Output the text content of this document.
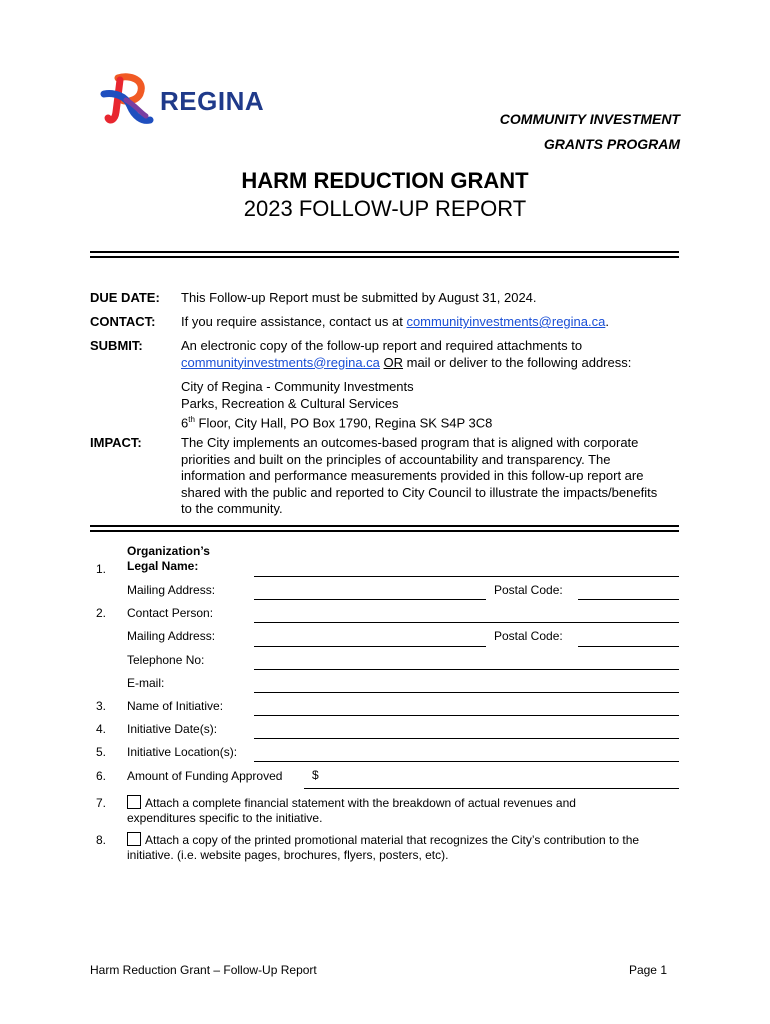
REGINA
COMMUNITY INVESTMENT
GRANTS PROGRAM
HARM REDUCTION GRANT
2023 FOLLOW-UP REPORT
DUE DATE: This Follow-up Report must be submitted by August 31, 2024.
CONTACT: If you require assistance, contact us at communityinvestments@regina.ca.
SUBMIT:	An electronic copy of the follow-up report and required attachments to
communityinvestments@regina.ca OR mail or deliver to the following address:
City of Regina - Community Investments
Parks, Recreation & Cultural Services
6th Floor, City Hall, PO Box 1790, Regina SK S4P 3C8
IMPACT:	The City implements an outcomes-based program that is aligned with corporate
priorities and built on the principles of accountability and transparency. The
information and performance measurements provided in this follow-up report are
shared with the public and reported to City Council to illustrate the impacts/benefits
to the community.
1.
Organization’s
Legal Name:
Mailing Address:	Postal Code:
2. Contact Person:
Mailing Address:	Postal Code:
Telephone No:
E-mail:
3. Name of Initiative:
4. Initiative Date(s):
5. Initiative Location(s):
6. Amount of Funding Approved $
7.	Attach a complete financial statement with the breakdown of actual revenues and
expenditures specific to the initiative.
8.	Attach a copy of the printed promotional material that recognizes the City’s contribution to the
initiative. (i.e. website pages, brochures, flyers, posters, etc).
Harm Reduction Grant – Follow-Up Report	Page 1
